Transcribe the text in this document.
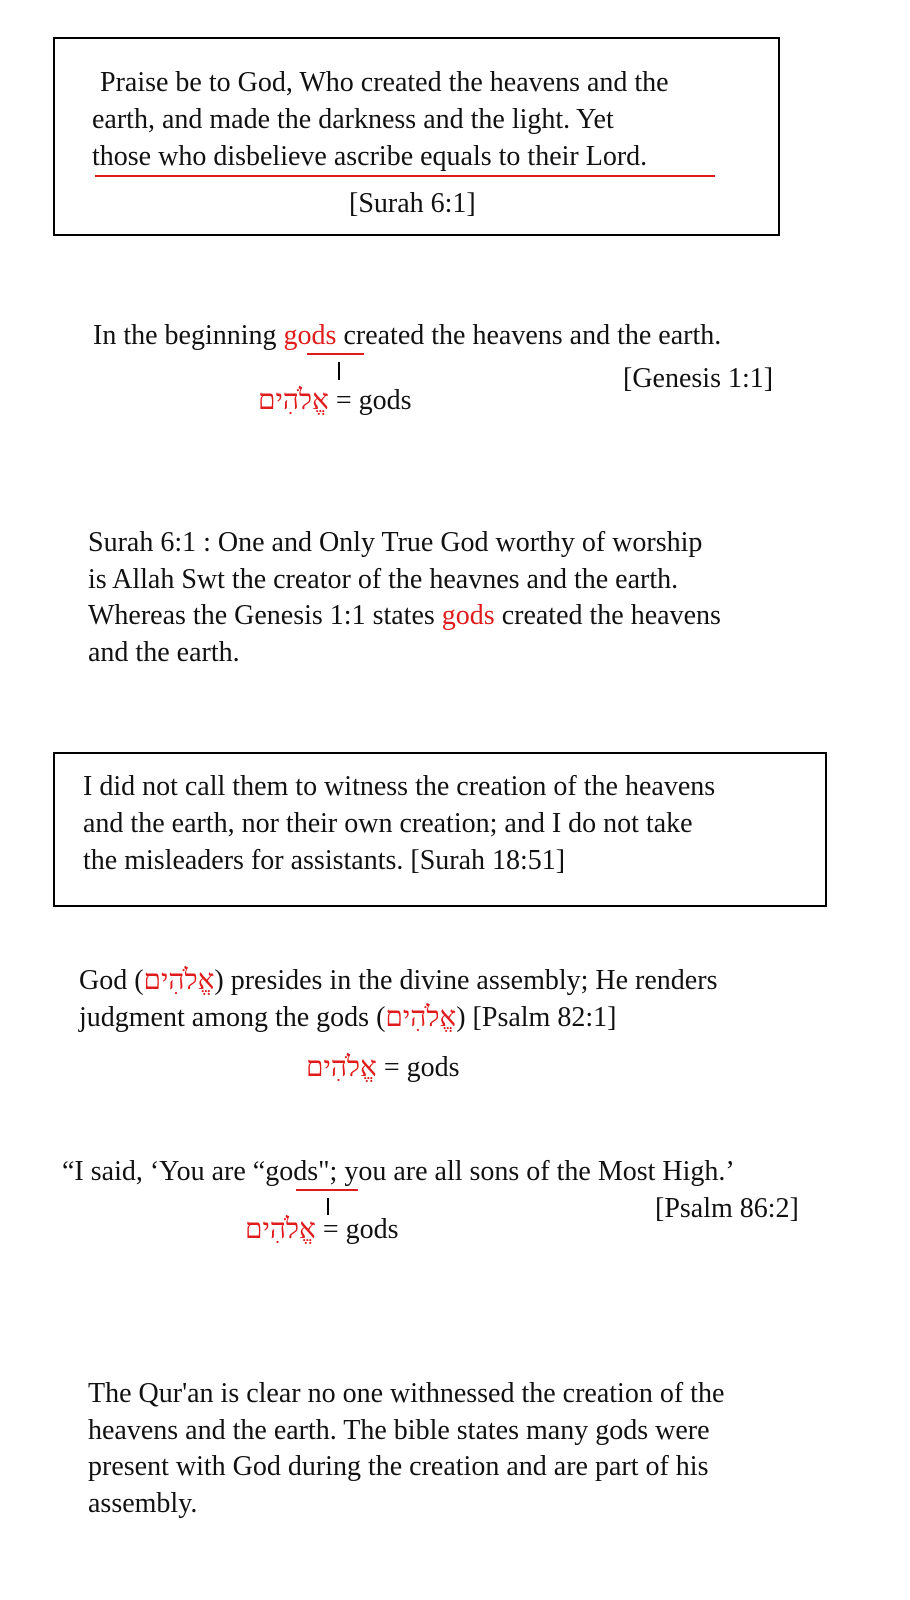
Praise be to God, Who created the heavens and the
earth, and made the darkness and the light. Yet
those who disbelieve ascribe equals to their Lord.
[Surah 6:1]
In the beginning gods created the heavens and the earth.
[Genesis 1:1]
אֱלֹהִים = gods
Surah 6:1 : One and Only True God worthy of worship
is Allah Swt the creator of the heavnes and the earth.
Whereas the Genesis 1:1 states gods created the heavens
and the earth.
I did not call them to witness the creation of the heavens
and the earth, nor their own creation; and I do not take
the misleaders for assistants. [Surah 18:51]
God (אֱלֹהִים) presides in the divine assembly; He renders
judgment among the gods (אֱלֹהִים) [Psalm 82:1]
אֱלֹהִים = gods
“I said, ‘You are “gods"; you are all sons of the Most High.’
[Psalm 86:2]
אֱלֹהִים = gods
The Qur'an is clear no one withnessed the creation of the
heavens and the earth. The bible states many gods were
present with God during the creation and are part of his
assembly.
